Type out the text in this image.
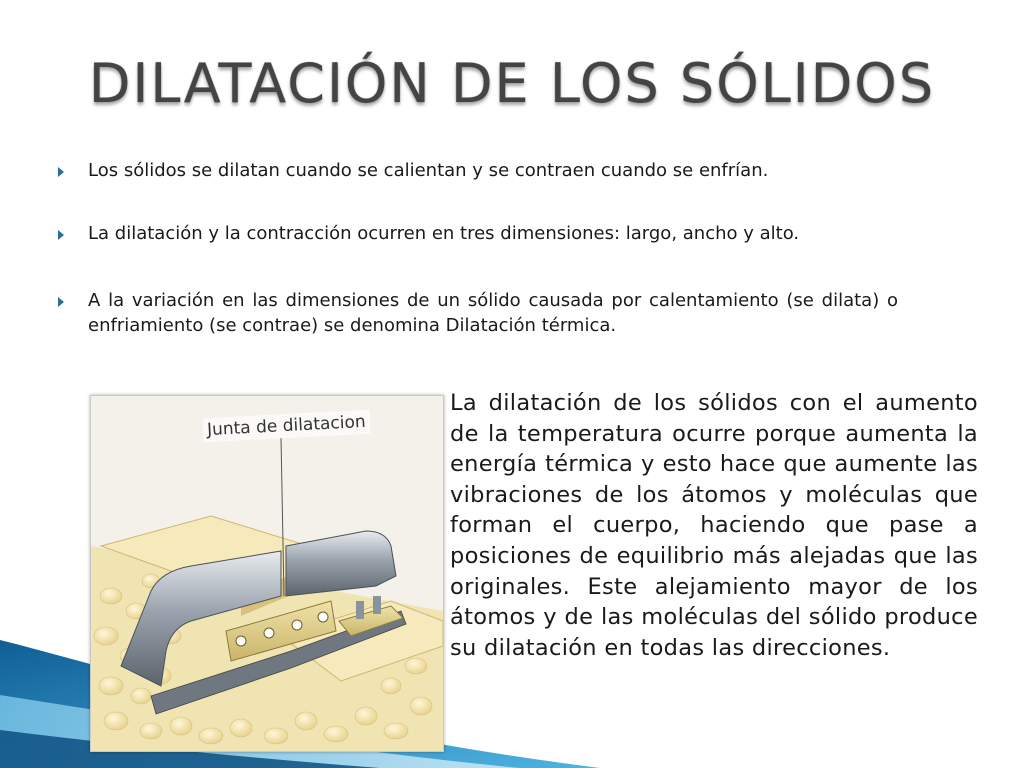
DILATACIÓN DE LOS SÓLIDOS
Los sólidos se dilatan cuando se calientan y se contraen cuando se enfrían.
La dilatación y la contracción ocurren en tres dimensiones: largo, ancho y alto.
A la variación en las dimensiones de un sólido causada por calentamiento (se dilata) o enfriamiento (se contrae) se denomina Dilatación térmica.
Junta de dilatacion

La dilatación de los sólidos con el aumento de la temperatura ocurre porque aumenta la energía térmica y esto hace que aumente las vibraciones de los átomos y moléculas que forman el cuerpo, haciendo que pase a posiciones de equilibrio más alejadas que las originales. Este alejamiento mayor de los átomos y de las moléculas del sólido produce su dilatación en todas las direcciones.
